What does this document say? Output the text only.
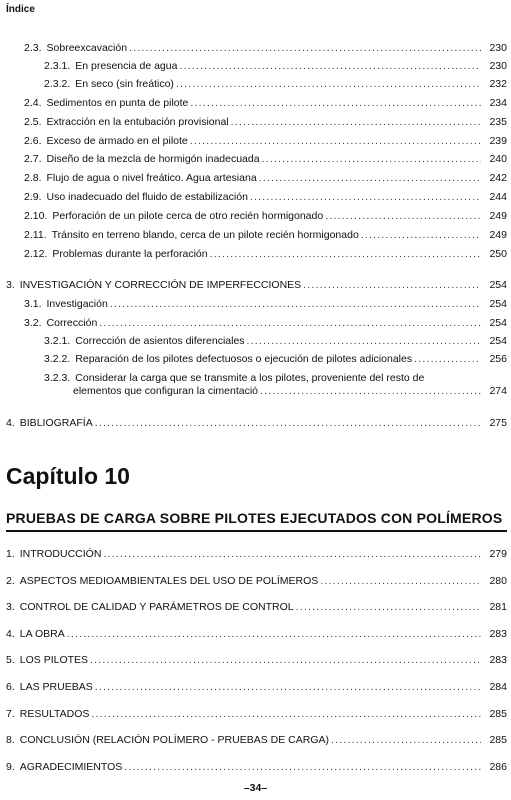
Índice
2.3. Sobreexcavación .....	230
2.3.1. En presencia de agua .....	230
2.3.2. En seco (sin freático) .....	232
2.4. Sedimentos en punta de pilote .....	234
2.5. Extracción en la entubación provisional .....	235
2.6. Exceso de armado en el pilote .....	239
2.7. Diseño de la mezcla de hormigón inadecuada .....	240
2.8. Flujo de agua o nivel freático. Agua artesiana .....	242
2.9. Uso inadecuado del fluido de estabilización .....	244
2.10. Perforación de un pilote cerca de otro recién hormigonado .....	249
2.11. Tránsito en terreno blando, cerca de un pilote recién hormigonado .....	249
2.12. Problemas durante la perforación .....	250
3. INVESTIGACIÓN Y CORRECCIÓN DE IMPERFECCIONES .....	254
3.1. Investigación .....	254
3.2. Corrección .....	254
3.2.1. Corrección de asientos diferenciales .....	254
3.2.2. Reparación de los pilotes defectuosos o ejecución de pilotes adicionales .....	256
3.2.3. Considerar la carga que se transmite a los pilotes, proveniente del resto de
elementos que configuran la cimentació .....	274
4. BIBLIOGRAFÍA .....	275
Capítulo 10
PRUEBAS DE CARGA SOBRE PILOTES EJECUTADOS CON POLÍMEROS
1. INTRODUCCIÓN .....	279
2. ASPECTOS MEDIOAMBIENTALES DEL USO DE POLÍMEROS .....	280
3. CONTROL DE CALIDAD Y PARÁMETROS DE CONTROL .....	281
4. LA OBRA .....	283
5. LOS PILOTES .....	283
6. LAS PRUEBAS .....	284
7. RESULTADOS .....	285
8. CONCLUSIÓN (RELACIÓN POLÍMERO - PRUEBAS DE CARGA) .....	285
9. AGRADECIMIENTOS .....	286
–34–
